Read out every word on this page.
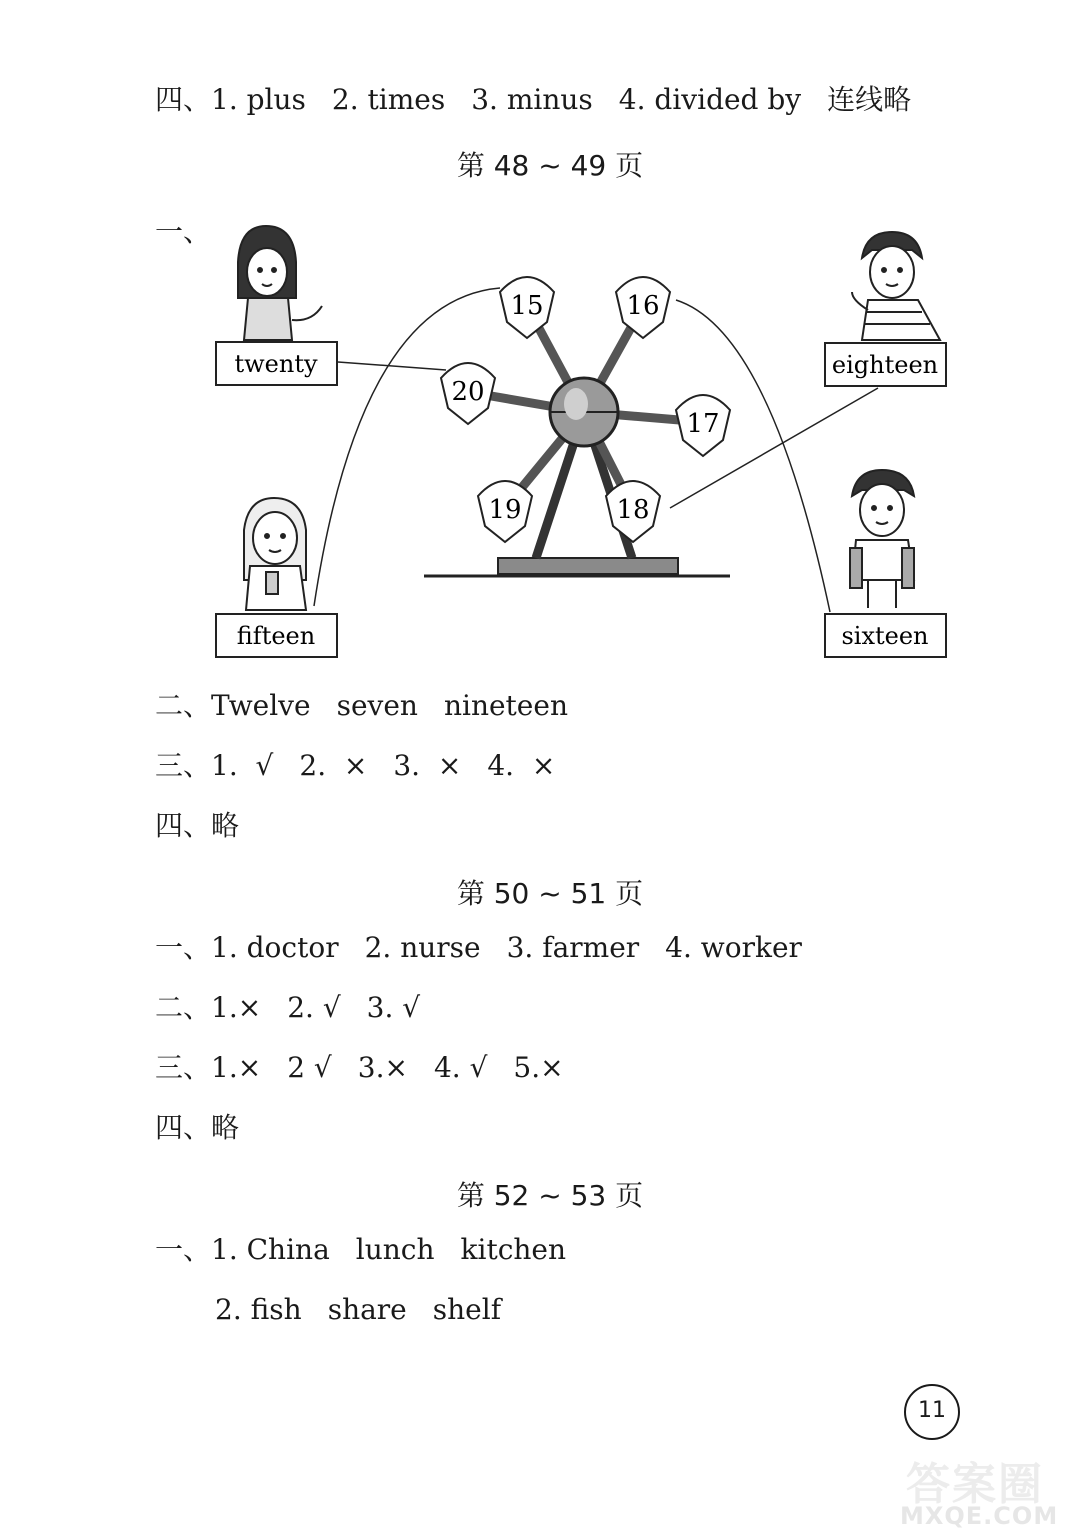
四、1. plus 2. times 3. minus 4. divided by 连线略
第 48 ~ 49 页
一、
15	16
20
17
19	18
twenty	eighteen
fifteen	sixteen
二、Twelve seven nineteen
三、1.  √ 2.  × 3.  × 4.  ×
四、略
第 50 ~ 51 页
一、1. doctor 2. nurse 3. farmer 4. worker
二、1.× 2. √ 3. √
三、1.× 2 √ 3.× 4. √ 5.×
四、略
第 52 ~ 53 页
一、1. China lunch kitchen
2. fish share shelf
11
答案圈
MXQE.COM
